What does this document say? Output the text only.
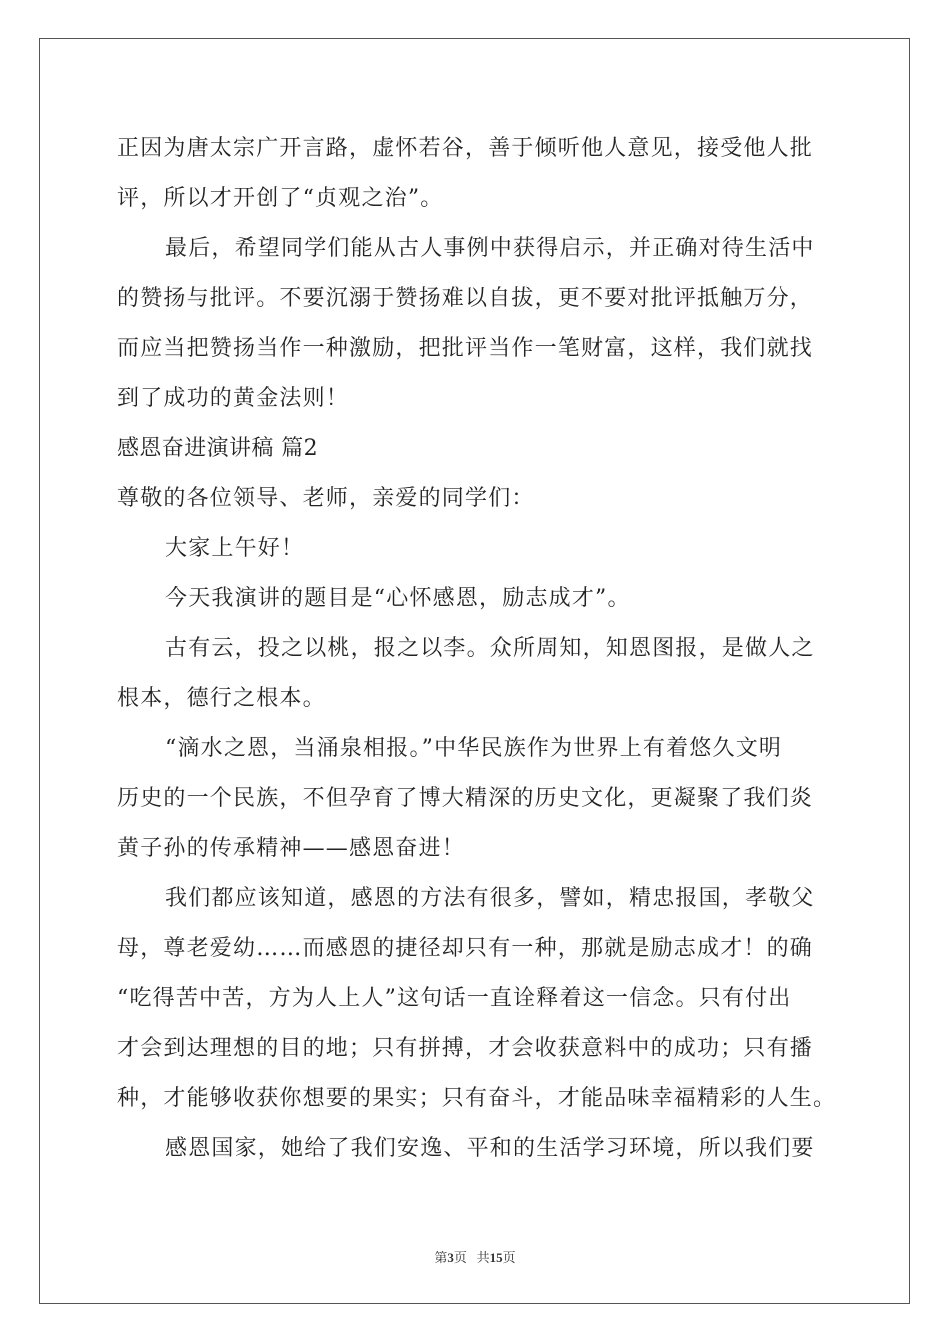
正因为唐太宗广开言路，虚怀若谷，善于倾听他人意见，接受他人批
评，所以才开创了“贞观之治”。
最后，希望同学们能从古人事例中获得启示，并正确对待生活中
的赞扬与批评。不要沉溺于赞扬难以自拔，更不要对批评抵触万分，
而应当把赞扬当作一种激励，把批评当作一笔财富，这样，我们就找
到了成功的黄金法则！
感恩奋进演讲稿 篇2
尊敬的各位领导、老师，亲爱的同学们：
大家上午好！
今天我演讲的题目是“心怀感恩，励志成才”。
古有云，投之以桃，报之以李。众所周知，知恩图报，是做人之
根本，德行之根本。
“滴水之恩，当涌泉相报。”中华民族作为世界上有着悠久文明
历史的一个民族，不但孕育了博大精深的历史文化，更凝聚了我们炎
黄子孙的传承精神——感恩奋进！
我们都应该知道，感恩的方法有很多，譬如，精忠报国，孝敬父
母，尊老爱幼……而感恩的捷径却只有一种，那就是励志成才！的确
“吃得苦中苦，方为人上人”这句话一直诠释着这一信念。只有付出
才会到达理想的目的地；只有拼搏，才会收获意料中的成功；只有播
种，才能够收获你想要的果实；只有奋斗，才能品味幸福精彩的人生。
感恩国家，她给了我们安逸、平和的生活学习环境，所以我们要
第3页 共15页
